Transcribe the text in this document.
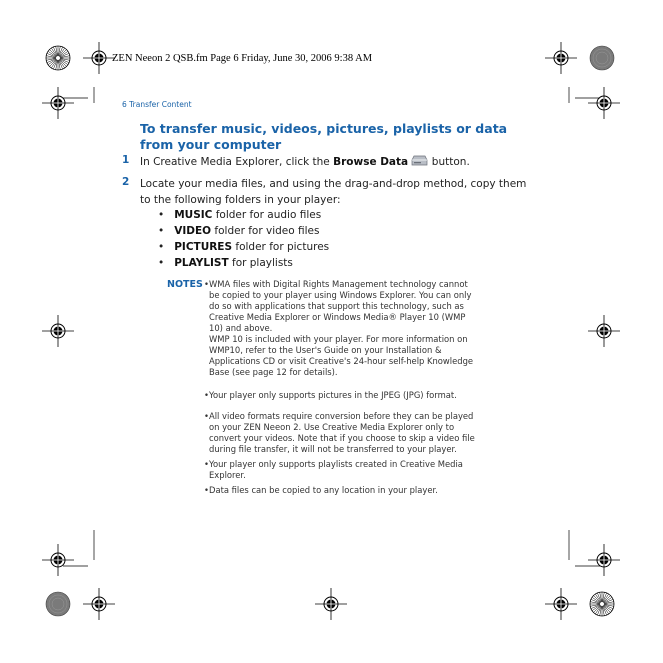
ZEN Neeon 2 QSB.fm Page 6 Friday, June 30, 2006 9:38 AM
6 Transfer Content
To transfer music, videos, pictures, playlists or data from your computer
1 In Creative Media Explorer, click the Browse Data  button.
2 Locate your media files, and using the drag-and-drop method, copy them to the following folders in your player:
•   MUSIC folder for audio files
•   VIDEO folder for video files
•   PICTURES folder for pictures
•   PLAYLIST for playlists
NOTES • WMA files with Digital Rights Management technology cannot
be copied to your player using Windows Explorer. You can only
do so with applications that support this technology, such as
Creative Media Explorer or Windows Media® Player 10 (WMP
10) and above.
WMP 10 is included with your player. For more information on
WMP10, refer to the User's Guide on your Installation &
Applications CD or visit Creative's 24-hour self-help Knowledge
Base (see page 12 for details).
• Your player only supports pictures in the JPEG (JPG) format.
• All video formats require conversion before they can be played
on your ZEN Neeon 2. Use Creative Media Explorer only to
convert your videos. Note that if you choose to skip a video file
during file transfer, it will not be transferred to your player.
• Your player only supports playlists created in Creative Media
Explorer.
• Data files can be copied to any location in your player.
